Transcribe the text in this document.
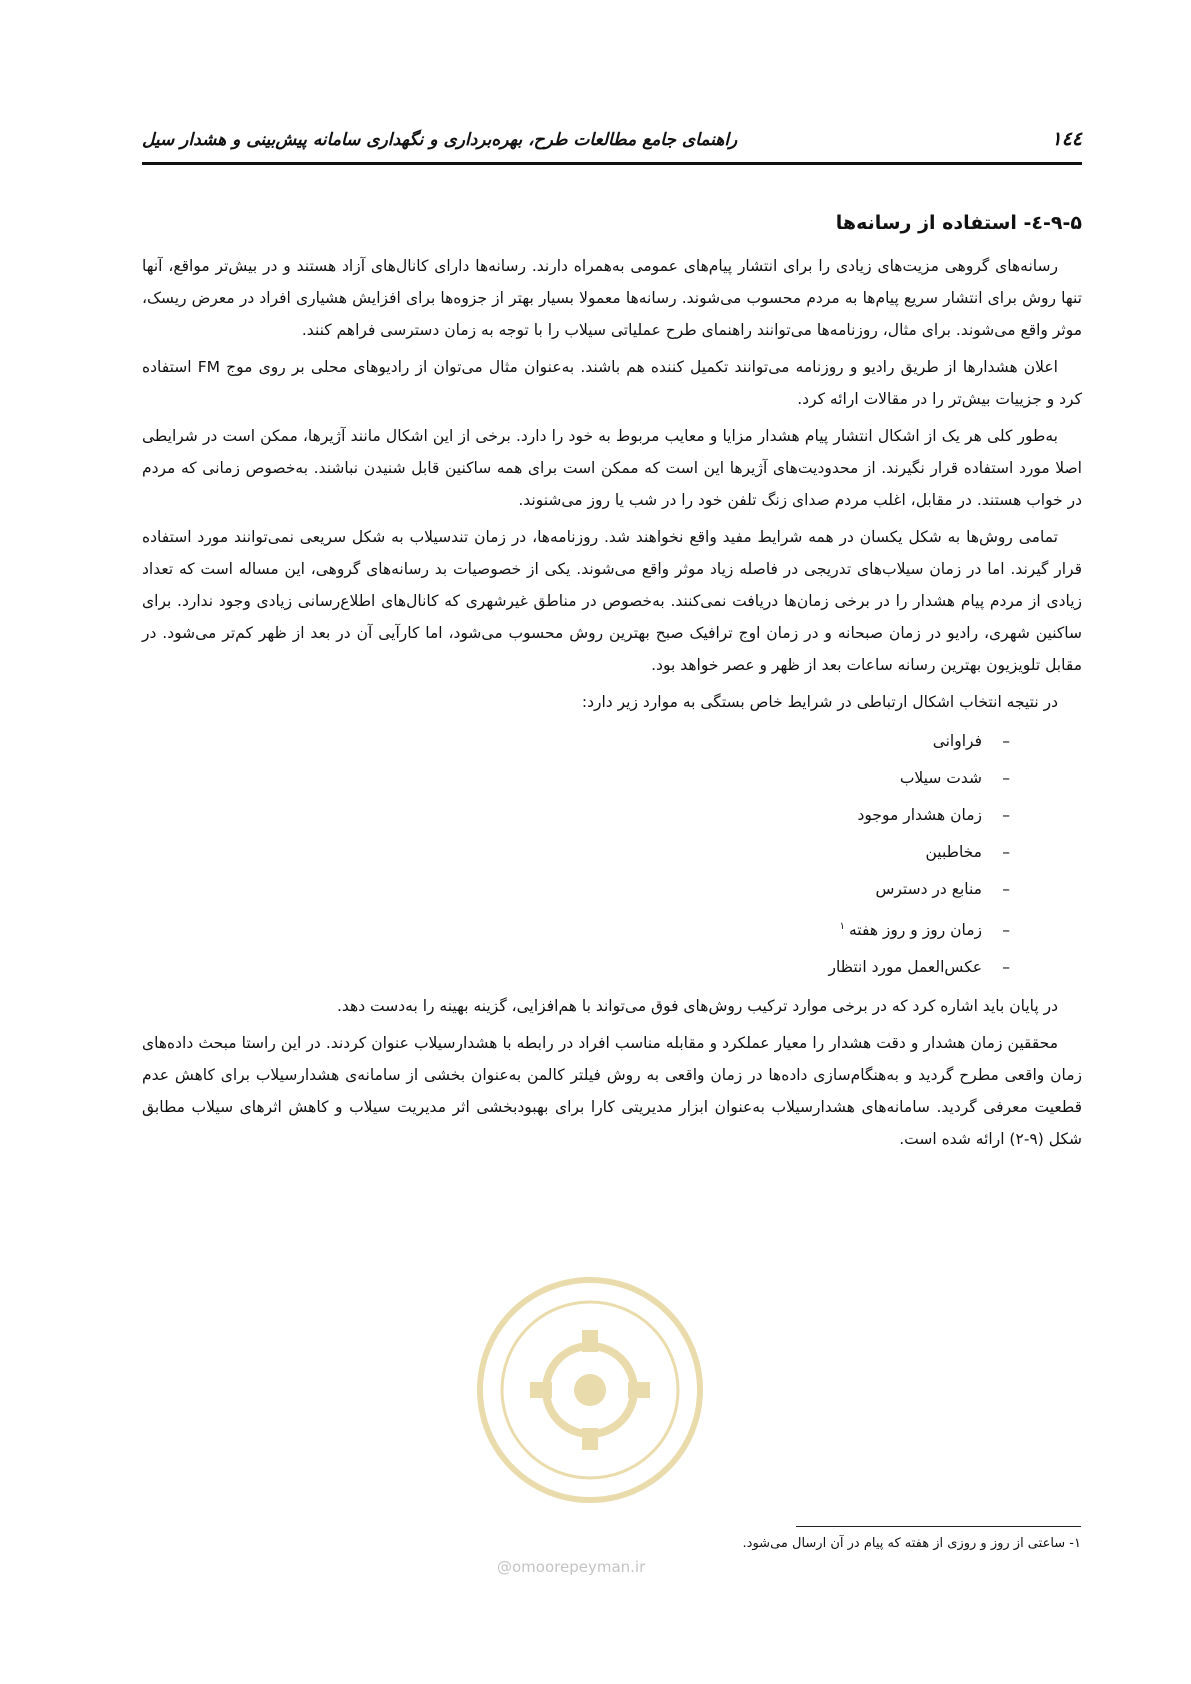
راهنمای جامع مطالعات طرح، بهره‌برداری و نگهداری سامانه پیش‌بینی و هشدار سیل	۱٤٤
۹-۵-٤- استفاده از رسانه‌ها

رسانه‌های گروهی مزیت‌های زیادی را برای انتشار پیام‌های عمومی به‌همراه دارند. رسانه‌ها دارای کانال‌های آزاد هستند و در بیش‌تر مواقع، آنها تنها روش برای انتشار سریع پیام‌ها به مردم محسوب می‌شوند. رسانه‌ها معمولا بسیار بهتر از جزوه‌ها برای افزایش هشیاری افراد در معرض ریسک، موثر واقع می‌شوند. برای مثال، روزنامه‌ها می‌توانند راهنمای طرح عملیاتی سیلاب را با توجه به زمان دسترسی فراهم کنند.

اعلان هشدارها از طریق رادیو و روزنامه می‌توانند تکمیل کننده هم باشند. به‌عنوان مثال می‌توان از رادیوهای محلی بر روی موج FM استفاده کرد و جزییات بیش‌تر را در مقالات ارائه کرد.

به‌طور کلی هر یک از اشکال انتشار پیام هشدار مزایا و معایب مربوط به خود را دارد. برخی از این اشکال مانند آژیرها، ممکن است در شرایطی اصلا مورد استفاده قرار نگیرند. از محدودیت‌های آژیرها این است که ممکن است برای همه ساکنین قابل شنیدن نباشند. به‌خصوص زمانی که مردم در خواب هستند. در مقابل، اغلب مردم صدای زنگ تلفن خود را در شب یا روز می‌شنوند.

تمامی روش‌ها به شکل یکسان در همه شرایط مفید واقع نخواهند شد. روزنامه‌ها، در زمان تندسیلاب به شکل سریعی نمی‌توانند مورد استفاده قرار گیرند. اما در زمان سیلاب‌های تدریجی در فاصله زیاد موثر واقع می‌شوند. یکی از خصوصیات بد رسانه‌های گروهی، این مساله است که تعداد زیادی از مردم پیام هشدار را در برخی زمان‌ها دریافت نمی‌کنند. به‌خصوص در مناطق غیرشهری که کانال‌های اطلاع‌رسانی زیادی وجود ندارد. برای ساکنین شهری، رادیو در زمان صبحانه و در زمان اوج ترافیک صبح بهترین روش محسوب می‌شود، اما کارآیی آن در بعد از ظهر کم‌تر می‌شود. در مقابل تلویزیون بهترین رسانه ساعات بعد از ظهر و عصر خواهد بود.

در نتیجه انتخاب اشکال ارتباطی در شرایط خاص بستگی به موارد زیر دارد:

–فراوانی
–شدت سیلاب
–زمان هشدار موجود
–مخاطبین
–منابع در دسترس
–زمان روز و روز هفته$^۱$
–عکس‌العمل مورد انتظار

در پایان باید اشاره کرد که در برخی موارد ترکیب روش‌های فوق می‌تواند با هم‌افزایی، گزینه بهینه را به‌دست دهد.

محققین زمان هشدار و دقت هشدار را معیار عملکرد و مقابله مناسب افراد در رابطه با هشدارسیلاب عنوان کردند. در این راستا مبحث داده‌های زمان واقعی مطرح گردید و به‌هنگام‌سازی داده‌ها در زمان واقعی به روش فیلتر کالمن به‌عنوان بخشی از سامانه‌ی هشدارسیلاب برای کاهش عدم قطعیت معرفی گردید. سامانه‌های هشدارسیلاب به‌عنوان ابزار مدیریتی کارا برای بهبودبخشی اثر مدیریت سیلاب و کاهش اثرهای سیلاب مطابق شکل (۹-۲) ارائه شده است.

@omoorepeyman.ir
۱- ساعتی از روز و روزی از هفته که پیام در آن ارسال می‌شود.
